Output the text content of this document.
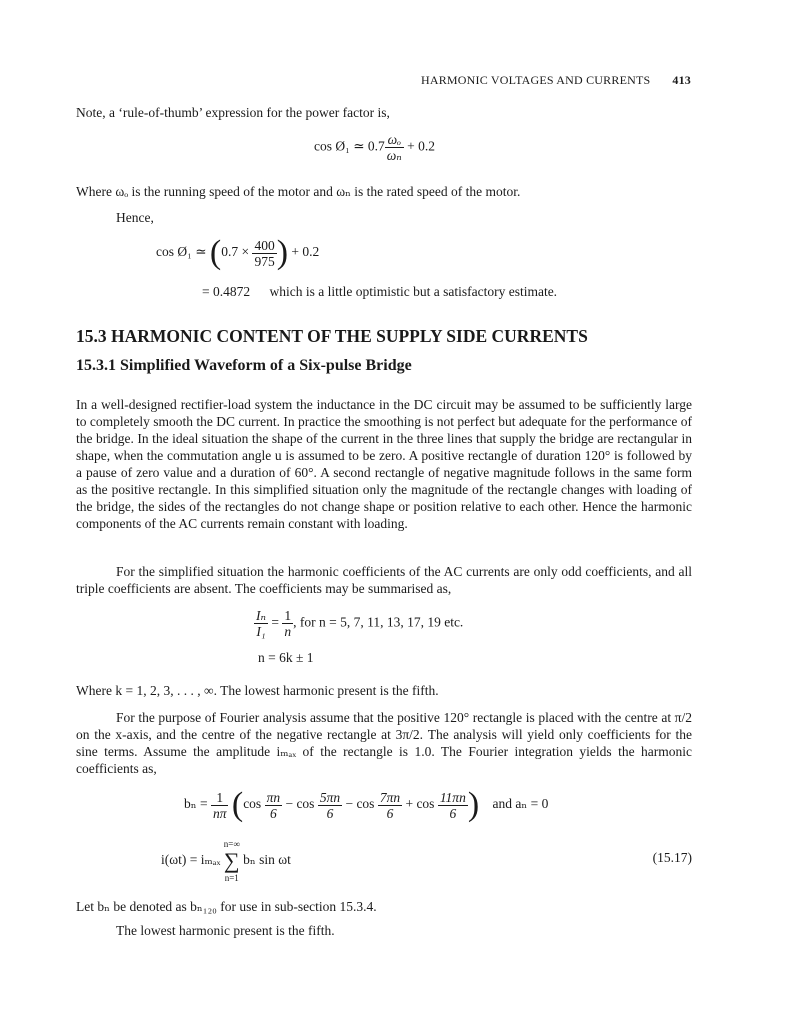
HARMONIC VOLTAGES AND CURRENTS 413
Note, a ‘rule-of-thumb’ expression for the power factor is,
cos Ø₁ ≃ $0.7 \frac{\text{ωₒ}}{\text{ωₙ}} + 0.2$
Where ωₒ is the running speed of the motor and ωₙ is the rated speed of the motor.
Hence,
cos Ø₁ ≃ ($0.7 \times \frac{400}{975}$ ) + 0.2
= 0.4872 which is a little optimistic but a satisfactory estimate.
15.3 HARMONIC CONTENT OF THE SUPPLY SIDE CURRENTS
15.3.1 Simplified Waveform of a Six-pulse Bridge
In a well-designed rectifier-load system the inductance in the DC circuit may be assumed to be sufficiently large to completely smooth the DC current. In practice the smoothing is not perfect but adequate for the performance of the bridge. In the ideal situation the shape of the current in the three lines that supply the bridge are rectangular in shape, when the commutation angle u is assumed to be zero. A positive rectangle of duration 120° is followed by a pause of zero value and a duration of 60°. A second rectangle of negative magnitude follows in the same form as the positive rectangle. In this simplified situation only the magnitude of the rectangle changes with loading of the bridge, the sides of the rectangles do not change shape or position relative to each other. Hence the harmonic components of the AC currents remain constant with loading.
For the simplified situation the harmonic coefficients of the AC currents are only odd coefficients, and all triple coefficients are absent. The coefficients may be summarised as,
$\frac{\text{Iₙ}}{\text{I₁}} = \frac{1}{n}$ , for n = 5, 7, 11, 13, 17, 19 etc.
n = 6k ± 1
Where k = 1, 2, 3, . . . , ∞. The lowest harmonic present is the fifth.
For the purpose of Fourier analysis assume that the positive 120° rectangle is placed with the centre at π/2 on the x-axis, and the centre of the negative rectangle at 3π/2. The analysis will yield only coefficients for the sine terms. Assume the amplitude iₘₐₓ of the rectangle is 1.0. The Fourier integration yields the harmonic coefficients as,
$b_n = \frac{1}{n\pi} (\cos \frac{\pi n}{6} - \cos \frac{5\pi n}{6} - \cos \frac{7\pi n}{6} + \cos \frac{11\pi n}{6}$ ) and aₙ = 0
i(ωt) = iₘₐₓ
n=∞
∑
n=1
bₙ sin ωt	(15.17)
Let bₙ be denoted as bₙ₁₂₀ for use in sub-section 15.3.4.
The lowest harmonic present is the fifth.
